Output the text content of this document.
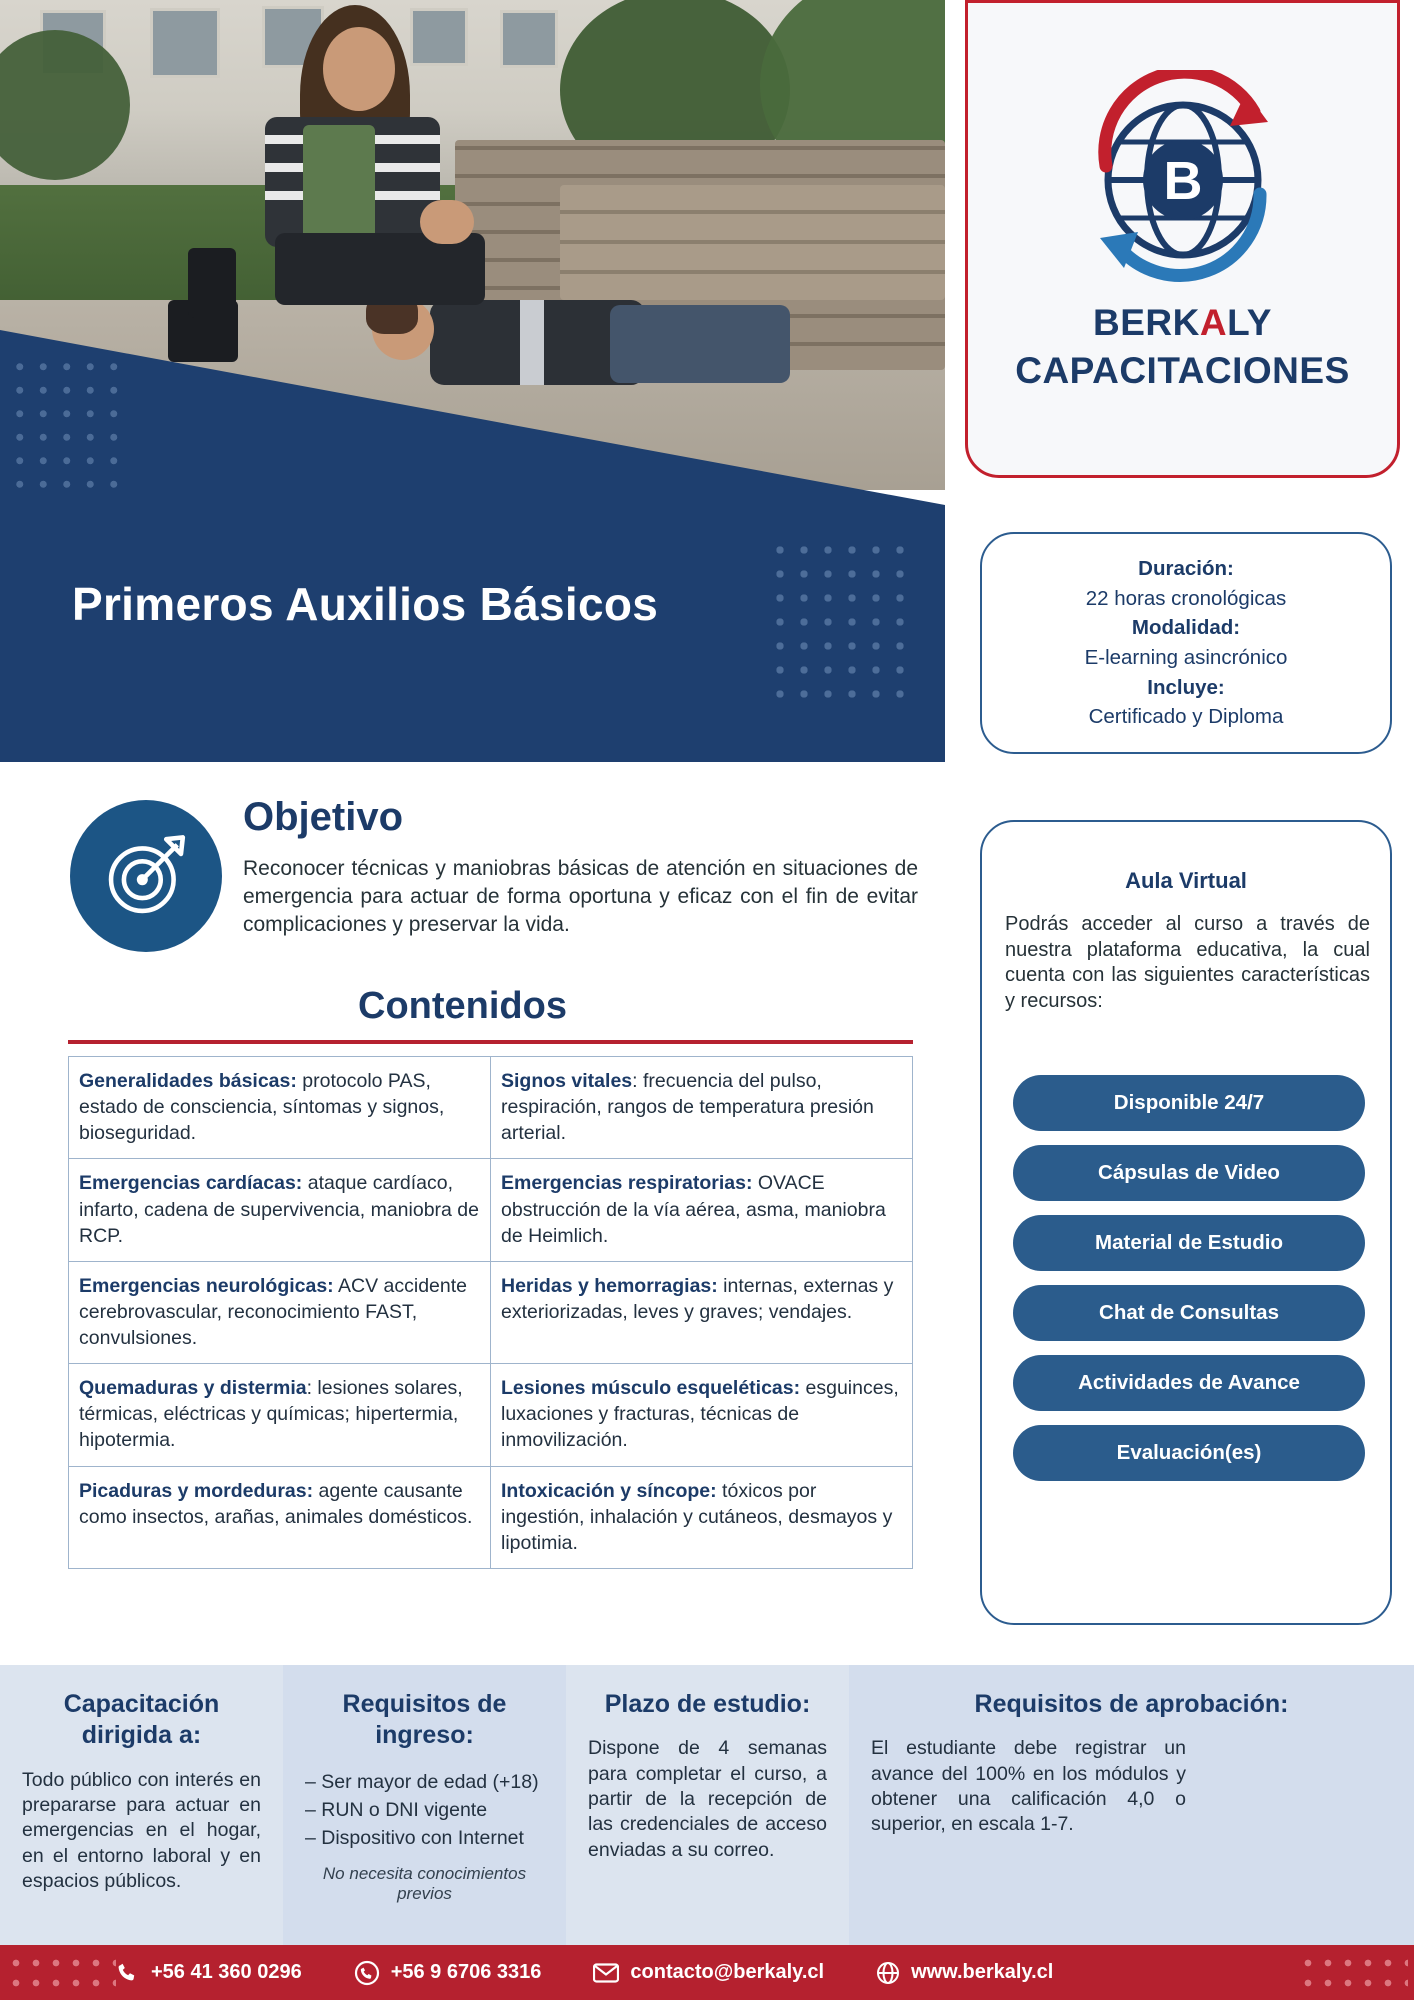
Primeros Auxilios Básicos
B
BERKALY
CAPACITACIONES
Duración:
22 horas cronológicas
Modalidad:
E-learning asincrónico
Incluye:
Certificado y Diploma
Objetivo
Reconocer técnicas y maniobras básicas de atención en situaciones de emergencia para actuar de forma oportuna y eficaz con el fin de evitar complicaciones y preservar la vida.
Contenidos
Generalidades básicas: protocolo PAS, estado de consciencia, síntomas y signos, bioseguridad.	Signos vitales: frecuencia del pulso, respiración, rangos de temperatura presión arterial.
Emergencias cardíacas: ataque cardíaco, infarto, cadena de supervivencia, maniobra de RCP.	Emergencias respiratorias: OVACE obstrucción de la vía aérea, asma, maniobra de Heimlich.
Emergencias neurológicas: ACV accidente cerebrovascular, reconocimiento FAST, convulsiones.	Heridas y hemorragias: internas, externas y exteriorizadas, leves y graves; vendajes.
Quemaduras y distermia: lesiones solares, térmicas, eléctricas y químicas; hipertermia, hipotermia.	Lesiones músculo esqueléticas: esguinces, luxaciones y fracturas, técnicas de inmovilización.
Picaduras y mordeduras: agente causante como insectos, arañas, animales domésticos.	Intoxicación y síncope: tóxicos por ingestión, inhalación y cutáneos, desmayos y lipotimia.
Aula Virtual
Podrás acceder al curso a través de nuestra plataforma educativa, la cual cuenta con las siguientes características y recursos:
Disponible 24/7
Cápsulas de Video
Material de Estudio
Chat de Consultas
Actividades de Avance
Evaluación(es)
Capacitación dirigida a:

Todo público con interés en prepararse para actuar en emergencias en el hogar, en el entorno laboral y en espacios públicos.

Requisitos de ingreso:
– Ser mayor de edad (+18)
– RUN o DNI vigente
– Dispositivo con Internet
No necesita conocimientos previos
Plazo de estudio:

Dispone de 4 semanas para completar el curso, a partir de la recepción de las credenciales de acceso enviadas a su correo.

Requisitos de aprobación:

El estudiante debe registrar un avance del 100% en los módulos y obtener una calificación 4,0 o superior, en escala 1-7.

+56 41 360 0296	+56 9 6706 3316	contacto@berkaly.cl	www.berkaly.cl
